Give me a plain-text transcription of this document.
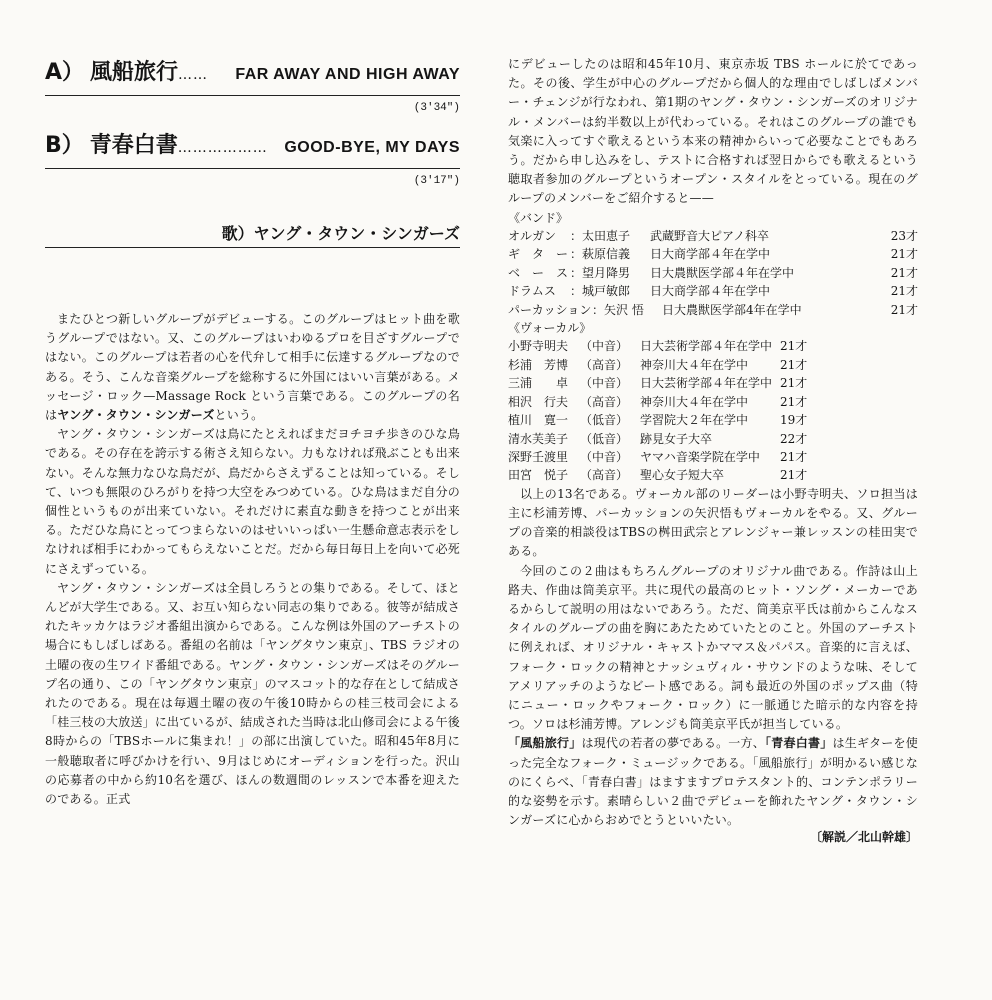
A） 風船旅行 ……	FAR AWAY AND HIGH AWAY
(3′34″)
B） 青春白書 ………………	GOOD-BYE, MY DAYS
(3′17″)
歌）ヤング・タウン・シンガーズ

またひとつ新しいグループがデビューする。このグループはヒット曲を歌うグループではない。又、このグループはいわゆるプロを目ざすグループではない。このグループは若者の心を代弁して相手に伝達するグループなのである。そう、こんな音楽グループを総称するに外国にはいい言葉がある。メッセージ・ロック—Massage Rock という言葉である。このグループの名はヤング・タウン・シンガーズという。

ヤング・タウン・シンガーズは鳥にたとえればまだヨチヨチ歩きのひな鳥である。その存在を誇示する術さえ知らない。力もなければ飛ぶことも出来ない。そんな無力なひな鳥だが、鳥だからさえずることは知っている。そして、いつも無限のひろがりを持つ大空をみつめている。ひな鳥はまだ自分の個性というものが出来ていない。それだけに素直な動きを持つことが出来る。ただひな鳥にとってつまらないのはせいいっぱい一生懸命意志表示をしなければ相手にわかってもらえないことだ。だから毎日毎日上を向いて必死にさえずっている。

ヤング・タウン・シンガーズは全員しろうとの集りである。そして、ほとんどが大学生である。又、お互い知らない同志の集りである。彼等が結成されたキッカケはラジオ番組出演からである。こんな例は外国のアーチストの場合にもしばしばある。番組の名前は「ヤングタウン東京」、TBS ラジオの土曜の夜の生ワイド番組である。ヤング・タウン・シンガーズはそのグループ名の通り、この「ヤングタウン東京」のマスコット的な存在として結成されたのである。現在は毎週土曜の夜の午後10時からの桂三枝司会による「桂三枝の大放送」に出ているが、結成された当時は北山修司会による午後8時からの「TBSホールに集まれ！」の部に出演していた。昭和45年8月に一般聴取者に呼びかけを行い、9月はじめにオーディションを行った。沢山の応募者の中から約10名を選び、ほんの数週間のレッスンで本番を迎えたのである。正式

にデビューしたのは昭和45年10月、東京赤坂 TBS ホールに於てであった。その後、学生が中心のグループだから個人的な理由でしばしばメンバー・チェンジが行なわれ、第1期のヤング・タウン・シンガーズのオリジナル・メンバーは約半数以上が代わっている。それはこのグループの誰でも気楽に入ってすぐ歌えるという本来の精神からいって必要なことでもあろう。だから申し込みをし、テストに合格すれば翌日からでも歌えるという聴取者参加のグループというオープン・スタイルをとっている。現在のグループのメンバーをご紹介すると——

《バンド》
オルガン	： 太田恵子	武蔵野音大ピアノ科卒	23才
ギ　タ　ー ： 萩原信義	日大商学部４年在学中	21才
ベ　ー　ス ： 望月降男	日大農獣医学部４年在学中	21才
ドラムス	： 城戸敏郎	日大商学部４年在学中	21才
パーカッション ： 矢沢 悟	日大農獣医学部4年在学中	21才
《ヴォーカル》
小野寺明夫 （中音） 日大芸術学部４年在学中 21才
杉浦　芳博 （高音） 神奈川大４年在学中	21才
三浦　　卓 （中音） 日大芸術学部４年在学中 21才
相沢　行夫 （高音） 神奈川大４年在学中	21才
植川　寛一 （低音） 学習院大２年在学中	19才
清水芙美子 （低音） 跡見女子大卒	22才
深野壬渡里 （中音） ヤマハ音楽学院在学中	21才
田宮　悦子 （高音） 聖心女子短大卒	21才

以上の13名である。ヴォーカル部のリーダーは小野寺明夫、ソロ担当は主に杉浦芳博、パーカッションの矢沢悟もヴォーカルをやる。又、グループの音楽的相談役はTBSの桝田武宗とアレンジャー兼レッスンの桂田実である。

今回のこの２曲はもちろんグループのオリジナル曲である。作詩は山上路夫、作曲は筒美京平。共に現代の最高のヒット・ソング・メーカーであるからして説明の用はないであろう。ただ、筒美京平氏は前からこんなスタイルのグループの曲を胸にあたためていたとのこと。外国のアーチストに例えれば、オリジナル・キャストかママス＆パパス。音楽的に言えば、フォーク・ロックの精神とナッシュヴィル・サウンドのような味、そしてアメリアッチのようなビート感である。詞も最近の外国のポップス曲（特にニュー・ロックやフォーク・ロック）に一脈通じた暗示的な内容を持つ。ソロは杉浦芳博。アレンジも筒美京平氏が担当している。

「風船旅行」は現代の若者の夢である。一方、「青春白書」は生ギターを使った完全なフォーク・ミュージックである。「風船旅行」が明かるい感じなのにくらべ、「青春白書」はますますプロテスタント的、コンテンポラリー的な姿勢を示す。素晴らしい２曲でデビューを飾れたヤング・タウン・シンガーズに心からおめでとうといいたい。

〔解説／北山幹雄〕
